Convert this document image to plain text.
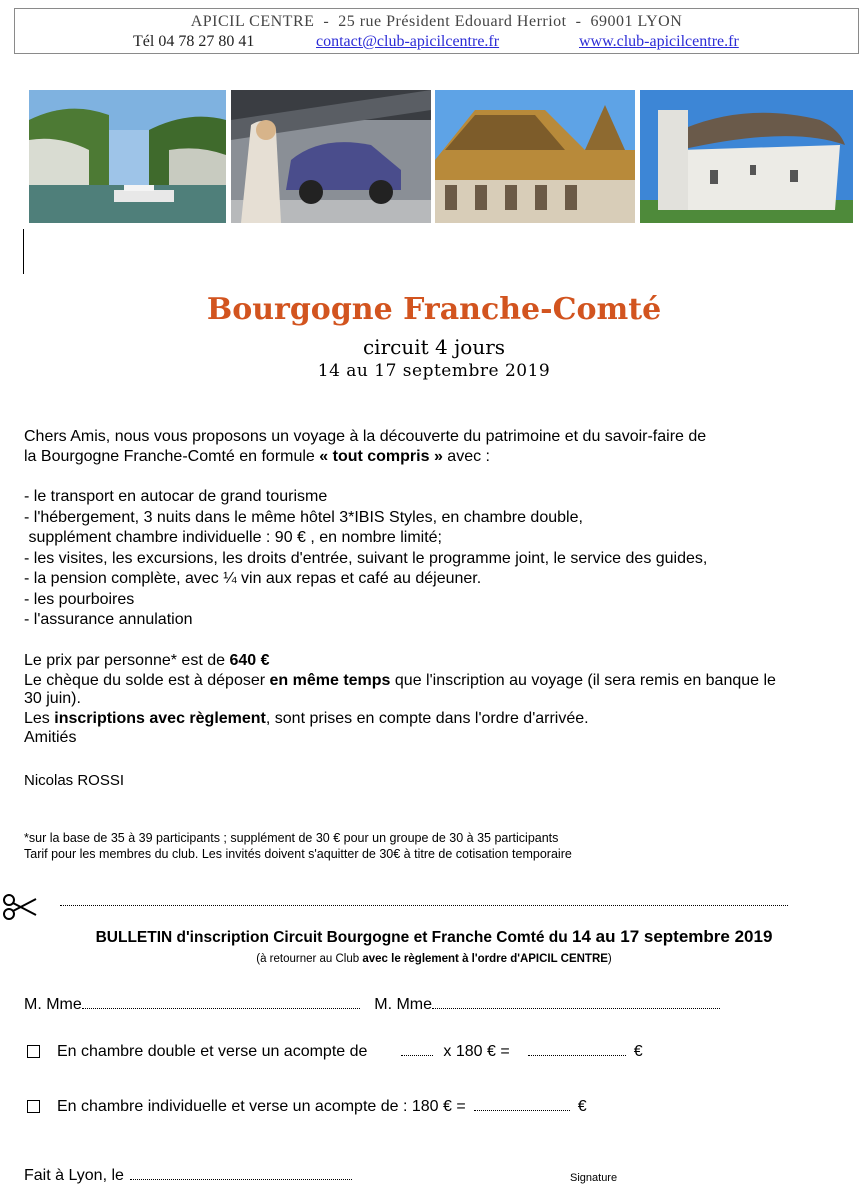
APICIL CENTRE  -  25 rue Président Edouard Herriot  -  69001 LYON
Tél 04 78 27 80 41	contact@club-apicilcentre.fr	www.club-apicilcentre.fr
Bourgogne Franche-Comté
circuit 4 jours
14 au 17 septembre 2019
Chers Amis, nous vous proposons un voyage à la découverte du patrimoine et du savoir-faire de
la Bourgogne Franche-Comté en formule « tout compris » avec :
- le transport en autocar de grand tourisme
- l'hébergement, 3 nuits dans le même hôtel 3*IBIS Styles, en chambre double,
supplément chambre individuelle : 90 € , en nombre limité;
- les visites, les excursions, les droits d'entrée, suivant le programme joint, le service des guides,
- la pension complète, avec ¼ vin aux repas et café au déjeuner.
- les pourboires
- l'assurance annulation
Le prix par personne* est de 640 €
Le chèque du solde est à déposer en même temps que l'inscription au voyage (il sera remis en banque le
30 juin).
Les inscriptions avec règlement, sont prises en compte dans l'ordre d'arrivée.
Amitiés
Nicolas ROSSI
*sur la base de 35 à 39 participants ; supplément de 30 € pour un groupe de 30 à 35 participants
Tarif pour les membres du club. Les invités doivent s'aquitter de 30€ à titre de cotisation temporaire
BULLETIN d'inscription Circuit Bourgogne et Franche Comté du 14 au 17 septembre 2019
(à retourner au Club avec le règlement à l'ordre d'APICIL CENTRE)
M. Mme	M. Mme
En chambre double et verse un acompte de	x 180 € =	€
En chambre individuelle et verse un acompte de : 180 € =	€
Fait à Lyon, le	Signature
